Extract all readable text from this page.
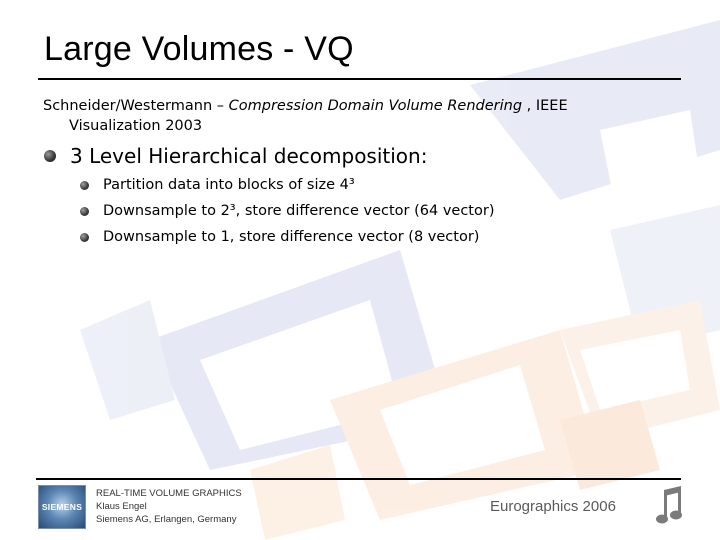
Large Volumes - VQ
Schneider/Westermann – Compression Domain Volume Rendering , IEEE
Visualization 2003
3 Level Hierarchical decomposition:
Partition data into blocks of size 4³
Downsample to 2³, store difference vector (64 vector)
Downsample to 1, store difference vector (8 vector)
SIEMENS
REAL-TIME VOLUME GRAPHICS
Klaus Engel
Siemens AG, Erlangen, Germany
Eurographics 2006
